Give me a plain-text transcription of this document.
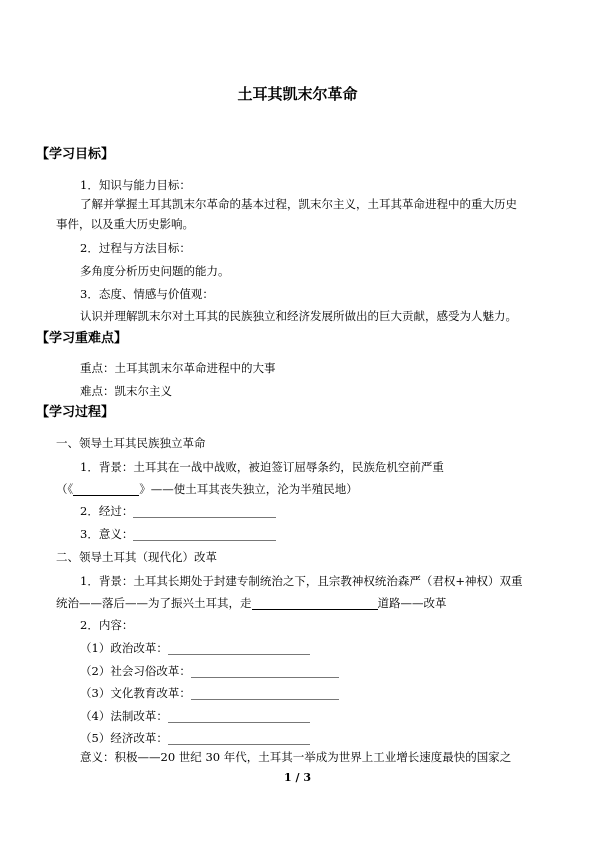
土耳其凯末尔革命
【学习目标】
1．知识与能力目标：
了解并掌握土耳其凯末尔革命的基本过程，凯末尔主义，土耳其革命进程中的重大历史
事件，以及重大历史影响。
2．过程与方法目标：
多角度分析历史问题的能力。
3．态度、情感与价值观：
认识并理解凯末尔对土耳其的民族独立和经济发展所做出的巨大贡献，感受为人魅力。
【学习重难点】
重点：土耳其凯末尔革命进程中的大事
难点：凯末尔主义
【学习过程】
一、领导土耳其民族独立革命
1．背景：土耳其在一战中战败，被迫签订屈辱条约，民族危机空前严重
（《	》——使土耳其丧失独立，沦为半殖民地）
2．经过：
3．意义：
二、领导土耳其（现代化）改革
1．背景：土耳其长期处于封建专制统治之下，且宗教神权统治森严（君权+神权）双重
统治——落后——为了振兴土耳其，走	道路——改革
2．内容：
（1）政治改革：
（2）社会习俗改革：
（3）文化教育改革：
（4）法制改革：
（5）经济改革：
意义：积极——20 世纪 30 年代，土耳其一举成为世界上工业增长速度最快的国家之
1 / 3
